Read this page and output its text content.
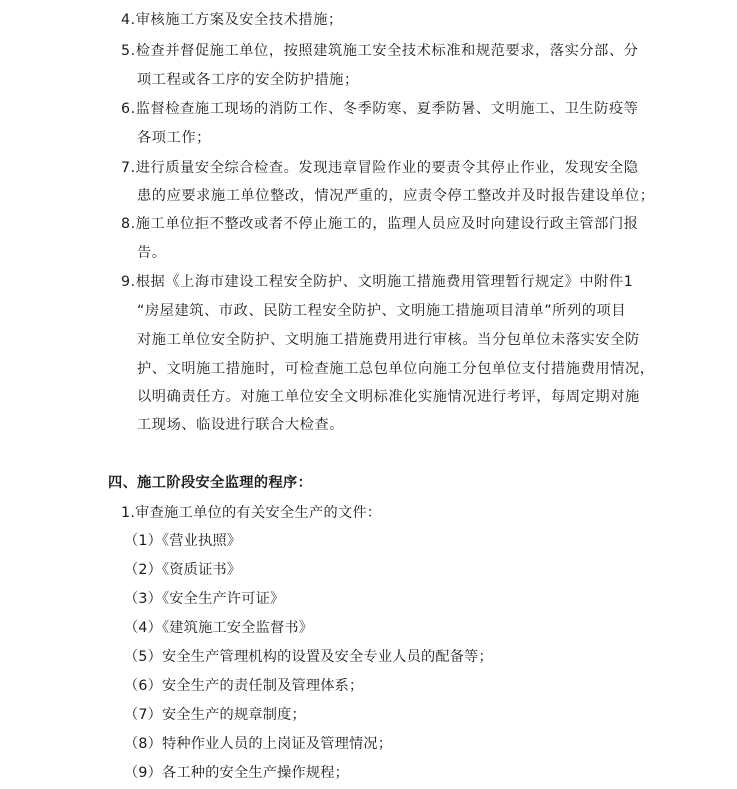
4.审核施工方案及安全技术措施；
5.检查并督促施工单位，按照建筑施工安全技术标准和规范要求，落实分部、分
项工程或各工序的安全防护措施；
6.监督检查施工现场的消防工作、冬季防寒、夏季防暑、文明施工、卫生防疫等
各项工作；
7.进行质量安全综合检查。发现违章冒险作业的要责令其停止作业，发现安全隐
患的应要求施工单位整改，情况严重的，应责令停工整改并及时报告建设单位；
8.施工单位拒不整改或者不停止施工的，监理人员应及时向建设行政主管部门报
告。
9.根据《上海市建设工程安全防护、文明施工措施费用管理暂行规定》中附件1
“房屋建筑、市政、民防工程安全防护、文明施工措施项目清单”所列的项目
对施工单位安全防护、文明施工措施费用进行审核。当分包单位未落实安全防
护、文明施工措施时，可检查施工总包单位向施工分包单位支付措施费用情况，
以明确责任方。对施工单位安全文明标准化实施情况进行考评，每周定期对施
工现场、临设进行联合大检查。
四、施工阶段安全监理的程序：
1.审查施工单位的有关安全生产的文件：
（1）《营业执照》
（2）《资质证书》
（3）《安全生产许可证》
（4）《建筑施工安全监督书》
（5）安全生产管理机构的设置及安全专业人员的配备等；
（6）安全生产的责任制及管理体系；
（7）安全生产的规章制度；
（8）特种作业人员的上岗证及管理情况；
（9）各工种的安全生产操作规程；
